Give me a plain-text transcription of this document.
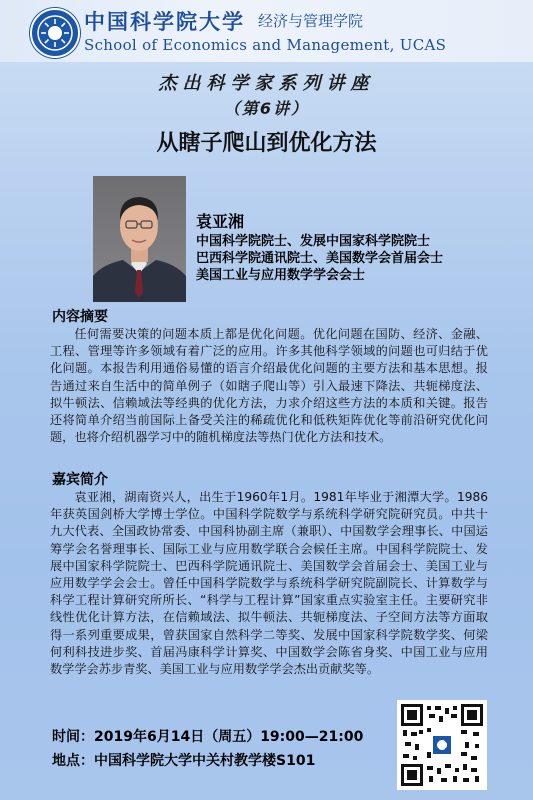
中国科学院大学 经济与管理学院
School of Economics and Management, UCAS
杰出科学家系列讲座
（第6讲）
从瞎子爬山到优化方法
袁亚湘
中国科学院院士、发展中国家科学院院士
巴西科学院通讯院士、美国数学会首届会士
美国工业与应用数学学会会士
内容摘要
任何需要决策的问题本质上都是优化问题。优化问题在国防、经济、金融、工程、管理等许多领域有着广泛的应用。许多其他科学领域的问题也可归结于优化问题。本报告利用通俗易懂的语言介绍最优化问题的主要方法和基本思想。报告通过来自生活中的简单例子（如瞎子爬山等）引入最速下降法、共轭梯度法、拟牛顿法、信赖域法等经典的优化方法，力求介绍这些方法的本质和关键。报告还将简单介绍当前国际上备受关注的稀疏优化和低秩矩阵优化等前沿研究优化问题，也将介绍机器学习中的随机梯度法等热门优化方法和技术。
嘉宾简介
袁亚湘，湖南资兴人，出生于1960年1月。1981年毕业于湘潭大学。1986年获英国剑桥大学博士学位。中国科学院数学与系统科学研究院研究员。中共十九大代表、全国政协常委、中国科协副主席（兼职）、中国数学会理事长、中国运筹学会名誉理事长、国际工业与应用数学联合会候任主席。中国科学院院士、发展中国家科学院院士、巴西科学院通讯院士、美国数学会首届会士、美国工业与应用数学学会会士。曾任中国科学院数学与系统科学研究院副院长、计算数学与科学工程计算研究所所长、“科学与工程计算”国家重点实验室主任。主要研究非线性优化计算方法，在信赖域法、拟牛顿法、共轭梯度法、子空间方法等方面取得一系列重要成果，曾获国家自然科学二等奖、发展中国家科学院数学奖、何梁何利科技进步奖、首届冯康科学计算奖、中国数学会陈省身奖、中国工业与应用数学学会苏步青奖、美国工业与应用数学学会杰出贡献奖等。
时间：2019年6月14日（周五）19:00—21:00
地点：中国科学院大学中关村教学楼S101
